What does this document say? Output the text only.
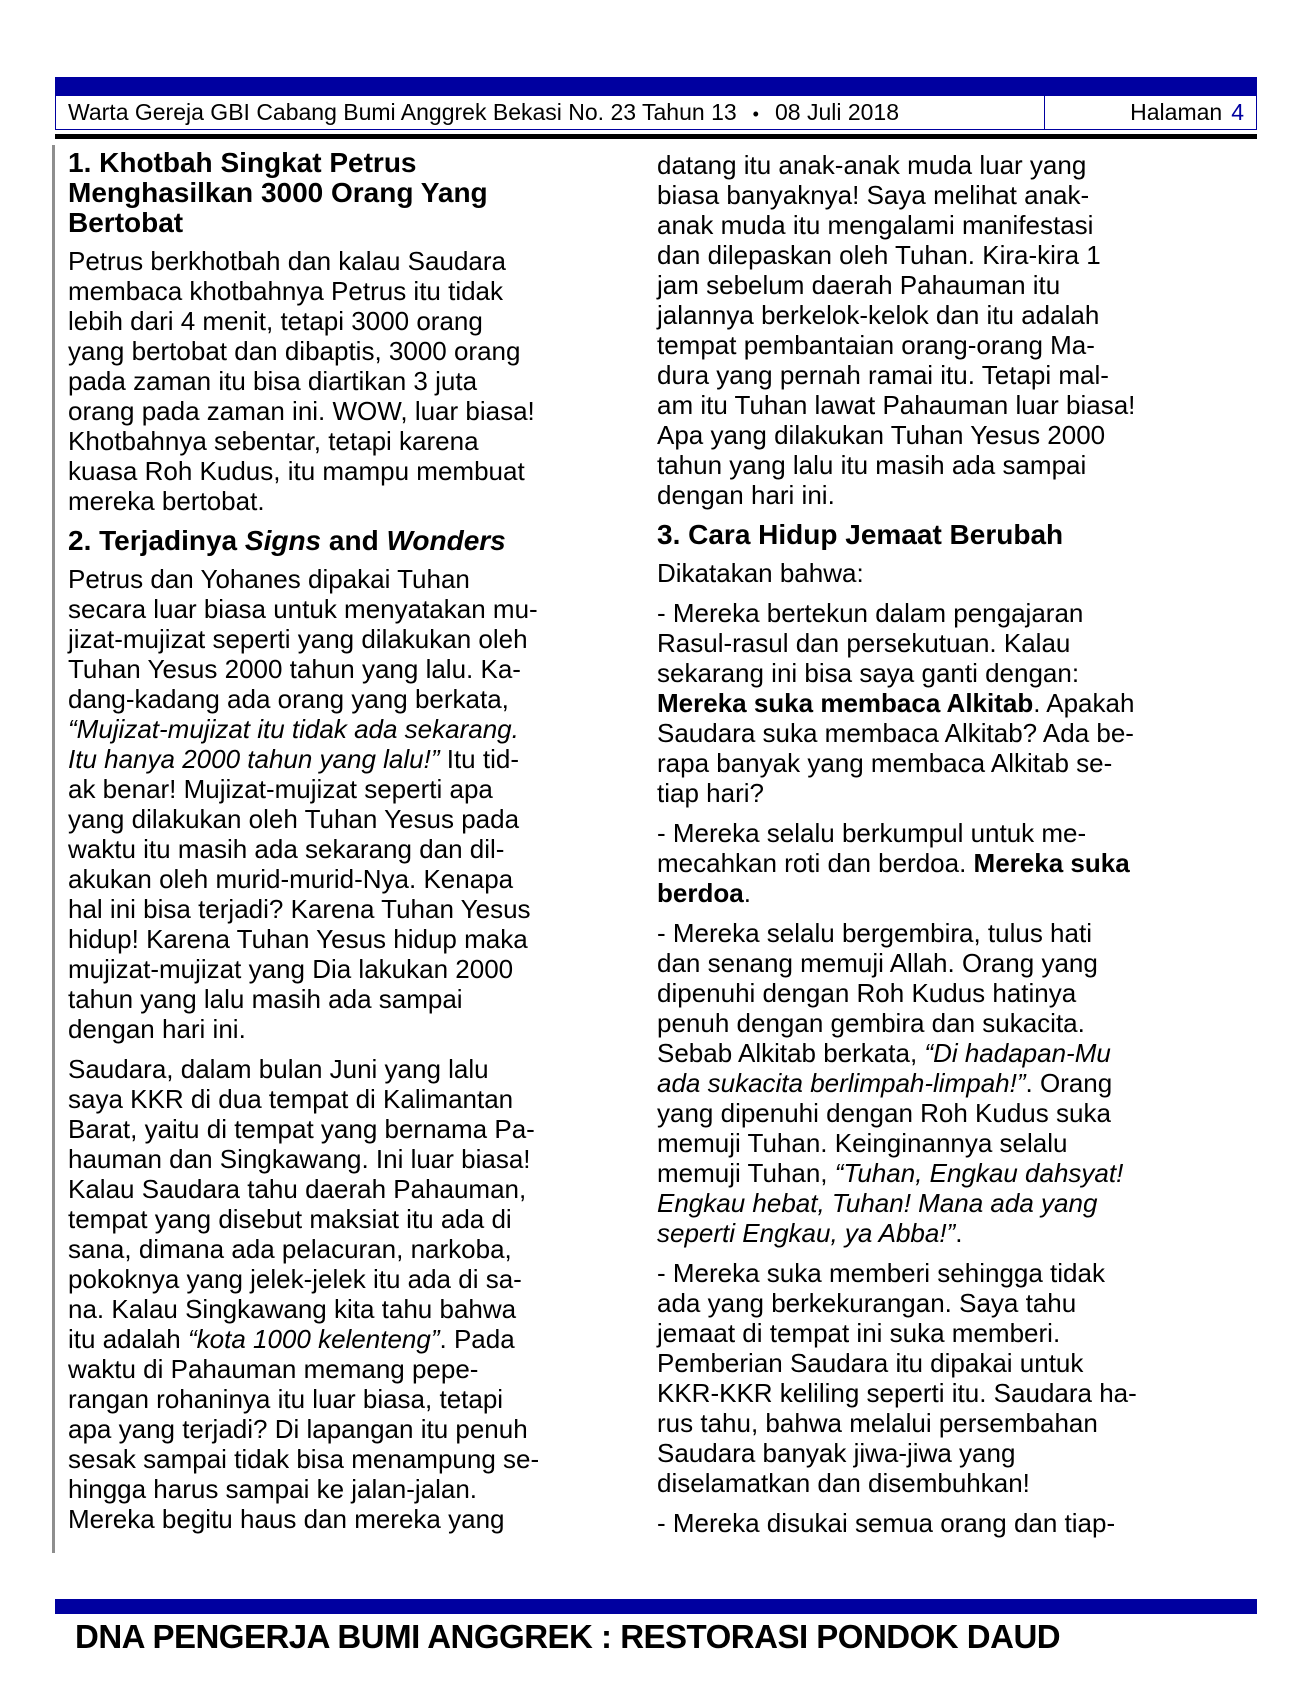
Warta Gereja GBI Cabang Bumi Anggrek Bekasi No. 23 Tahun 13 • 08 Juli 2018	Halaman 4
1. Khotbah Singkat Petrus
Menghasilkan 3000 Orang Yang
Bertobat
Petrus berkhotbah dan kalau Saudara
membaca khotbahnya Petrus itu tidak
lebih dari 4 menit, tetapi 3000 orang
yang bertobat dan dibaptis, 3000 orang
pada zaman itu bisa diartikan 3 juta
orang pada zaman ini. WOW, luar biasa!
Khotbahnya sebentar, tetapi karena
kuasa Roh Kudus, itu mampu membuat
mereka bertobat.
2. Terjadinya Signs and Wonders
Petrus dan Yohanes dipakai Tuhan
secara luar biasa untuk menyatakan mu-
jizat-mujizat seperti yang dilakukan oleh
Tuhan Yesus 2000 tahun yang lalu. Ka-
dang-kadang ada orang yang berkata,
“Mujizat-mujizat itu tidak ada sekarang.
Itu hanya 2000 tahun yang lalu!” Itu tid-
ak benar! Mujizat-mujizat seperti apa
yang dilakukan oleh Tuhan Yesus pada
waktu itu masih ada sekarang dan dil-
akukan oleh murid-murid-Nya. Kenapa
hal ini bisa terjadi? Karena Tuhan Yesus
hidup! Karena Tuhan Yesus hidup maka
mujizat-mujizat yang Dia lakukan 2000
tahun yang lalu masih ada sampai
dengan hari ini.
Saudara, dalam bulan Juni yang lalu
saya KKR di dua tempat di Kalimantan
Barat, yaitu di tempat yang bernama Pa-
hauman dan Singkawang. Ini luar biasa!
Kalau Saudara tahu daerah Pahauman,
tempat yang disebut maksiat itu ada di
sana, dimana ada pelacuran, narkoba,
pokoknya yang jelek-jelek itu ada di sa-
na. Kalau Singkawang kita tahu bahwa
itu adalah “kota 1000 kelenteng”. Pada
waktu di Pahauman memang pepe-
rangan rohaninya itu luar biasa, tetapi
apa yang terjadi? Di lapangan itu penuh
sesak sampai tidak bisa menampung se-
hingga harus sampai ke jalan-jalan.
Mereka begitu haus dan mereka yang
datang itu anak-anak muda luar yang
biasa banyaknya! Saya melihat anak-
anak muda itu mengalami manifestasi
dan dilepaskan oleh Tuhan. Kira-kira 1
jam sebelum daerah Pahauman itu
jalannya berkelok-kelok dan itu adalah
tempat pembantaian orang-orang Ma-
dura yang pernah ramai itu. Tetapi mal-
am itu Tuhan lawat Pahauman luar biasa!
Apa yang dilakukan Tuhan Yesus 2000
tahun yang lalu itu masih ada sampai
dengan hari ini.
3. Cara Hidup Jemaat Berubah
Dikatakan bahwa:
- Mereka bertekun dalam pengajaran
Rasul-rasul dan persekutuan. Kalau
sekarang ini bisa saya ganti dengan:
Mereka suka membaca Alkitab. Apakah
Saudara suka membaca Alkitab? Ada be-
rapa banyak yang membaca Alkitab se-
tiap hari?
- Mereka selalu berkumpul untuk me-
mecahkan roti dan berdoa. Mereka suka
berdoa.
- Mereka selalu bergembira, tulus hati
dan senang memuji Allah. Orang yang
dipenuhi dengan Roh Kudus hatinya
penuh dengan gembira dan sukacita.
Sebab Alkitab berkata, “Di hadapan-Mu
ada sukacita berlimpah-limpah!”. Orang
yang dipenuhi dengan Roh Kudus suka
memuji Tuhan. Keinginannya selalu
memuji Tuhan, “Tuhan, Engkau dahsyat!
Engkau hebat, Tuhan! Mana ada yang
seperti Engkau, ya Abba!”.
- Mereka suka memberi sehingga tidak
ada yang berkekurangan. Saya tahu
jemaat di tempat ini suka memberi.
Pemberian Saudara itu dipakai untuk
KKR-KKR keliling seperti itu. Saudara ha-
rus tahu, bahwa melalui persembahan
Saudara banyak jiwa-jiwa yang
diselamatkan dan disembuhkan!
- Mereka disukai semua orang dan tiap-
DNA PENGERJA BUMI ANGGREK : RESTORASI PONDOK DAUD
